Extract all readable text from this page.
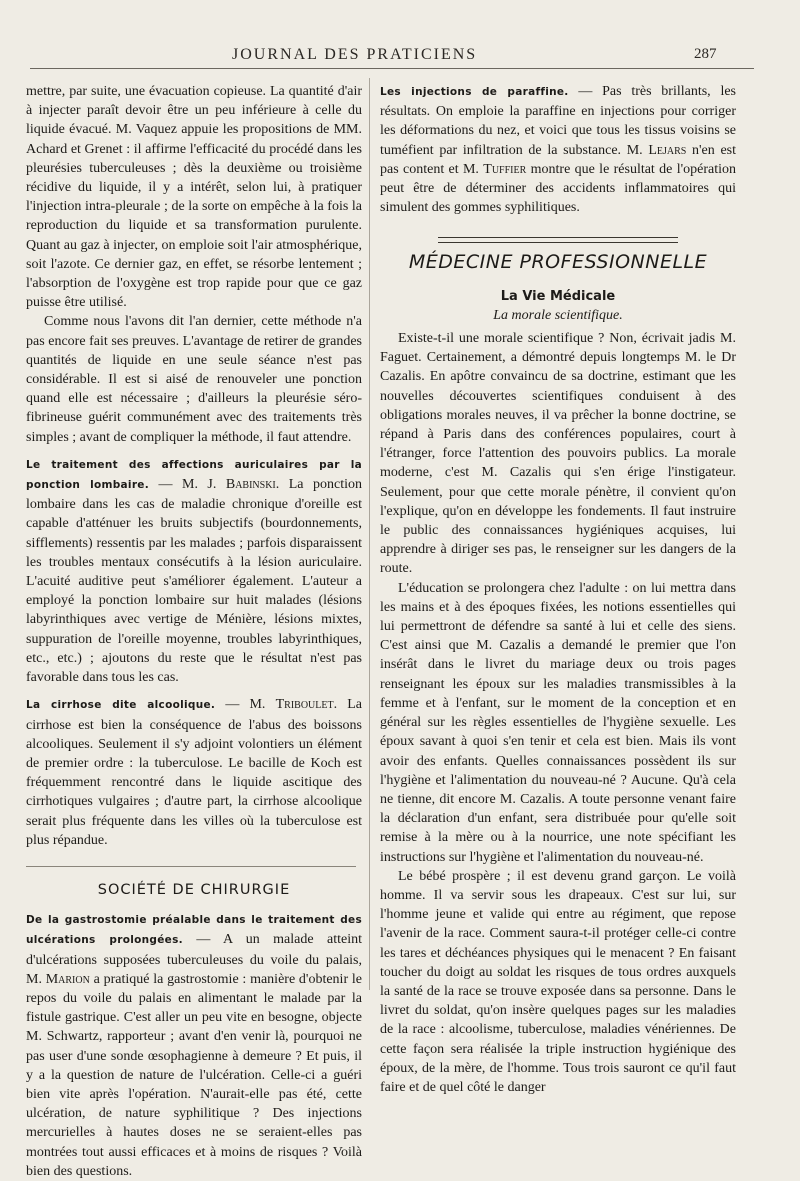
JOURNAL DES PRATICIENS	287

mettre, par suite, une évacuation copieuse. La quantité d'air à injecter paraît devoir être un peu inférieure à celle du liquide évacué. M. Vaquez appuie les propositions de MM. Achard et Grenet : il affirme l'efficacité du procédé dans les pleurésies tuberculeuses ; dès la deuxième ou troisième récidive du liquide, il y a intérêt, selon lui, à pratiquer l'injection intra-pleurale ; de la sorte on empêche à la fois la reproduction du liquide et sa transformation purulente. Quant au gaz à injecter, on emploie soit l'air atmosphérique, soit l'azote. Ce dernier gaz, en effet, se résorbe lentement ; l'absorption de l'oxygène est trop rapide pour que ce gaz puisse être utilisé.

Comme nous l'avons dit l'an dernier, cette méthode n'a pas encore fait ses preuves. L'avantage de retirer de grandes quantités de liquide en une seule séance n'est pas considérable. Il est si aisé de renouveler une ponction quand elle est nécessaire ; d'ailleurs la pleurésie séro-fibrineuse guérit communément avec des traitements très simples ; avant de compliquer la méthode, il faut attendre.

Le traitement des affections auriculaires par la ponction lombaire. — M. J. Babinski. La ponction lombaire dans les cas de maladie chronique d'oreille est capable d'atténuer les bruits subjectifs (bourdonnements, sifflements) ressentis par les malades ; parfois disparaissent les troubles mentaux consécutifs à la lésion auriculaire. L'acuité auditive peut s'améliorer également. L'auteur a employé la ponction lombaire sur huit malades (lésions labyrinthiques avec vertige de Ménière, lésions mixtes, suppuration de l'oreille moyenne, troubles labyrinthiques, etc., etc.) ; ajoutons du reste que le résultat n'est pas favorable dans tous les cas.

La cirrhose dite alcoolique. — M. Triboulet. La cirrhose est bien la conséquence de l'abus des boissons alcooliques. Seulement il s'y adjoint volontiers un élément de premier ordre : la tuberculose. Le bacille de Koch est fréquemment rencontré dans le liquide ascitique des cirrhotiques vulgaires ; d'autre part, la cirrhose alcoolique serait plus fréquente dans les villes où la tuberculose est plus répandue.

SOCIÉTÉ DE CHIRURGIE

De la gastrostomie préalable dans le traitement des ulcérations prolongées. — A un malade atteint d'ulcérations supposées tuberculeuses du voile du palais, M. Marion a pratiqué la gastrostomie : manière d'obtenir le repos du voile du palais en alimentant le malade par la fistule gastrique. C'est aller un peu vite en besogne, objecte M. Schwartz, rapporteur ; avant d'en venir là, pourquoi ne pas user d'une sonde œsophagienne à demeure ? Et puis, il y a la question de nature de l'ulcération. Celle-ci a guéri bien vite après l'opération. N'aurait-elle pas été, cette ulcération, de nature syphilitique ? Des injections mercurielles à hautes doses ne se seraient-elles pas montrées tout aussi efficaces et à moins de risques ? Voilà bien des questions.

Les injections de paraffine. — Pas très brillants, les résultats. On emploie la paraffine en injections pour corriger les déformations du nez, et voici que tous les tissus voisins se tuméfient par infiltration de la substance. M. Lejars n'en est pas content et M. Tuffier montre que le résultat de l'opération peut être de déterminer des accidents inflammatoires qui simulent des gommes syphilitiques.

MÉDECINE PROFESSIONNELLE
La Vie Médicale
La morale scientifique.

Existe-t-il une morale scientifique ? Non, écrivait jadis M. Faguet. Certainement, a démontré depuis longtemps M. le Dr Cazalis. En apôtre convaincu de sa doctrine, estimant que les nouvelles découvertes scientifiques conduisent à des obligations morales neuves, il va prêcher la bonne doctrine, se répand à Paris dans des conférences populaires, court à l'étranger, force l'attention des pouvoirs publics. La morale moderne, c'est M. Cazalis qui s'en érige l'instigateur. Seulement, pour que cette morale pénètre, il convient qu'on l'explique, qu'on en développe les fondements. Il faut instruire le public des connaissances hygiéniques acquises, lui apprendre à diriger ses pas, le renseigner sur les dangers de la route.

L'éducation se prolongera chez l'adulte : on lui mettra dans les mains et à des époques fixées, les notions essentielles qui lui permettront de défendre sa santé à lui et celle des siens. C'est ainsi que M. Cazalis a demandé le premier que l'on insérât dans le livret du mariage deux ou trois pages renseignant les époux sur les maladies transmissibles à la femme et à l'enfant, sur le moment de la conception et en général sur les règles essentielles de l'hygiène sexuelle. Les époux savant à quoi s'en tenir et cela est bien. Mais ils vont avoir des enfants. Quelles connaissances possèdent ils sur l'hygiène et l'alimentation du nouveau-né ? Aucune. Qu'à cela ne tienne, dit encore M. Cazalis. A toute personne venant faire la déclaration d'un enfant, sera distribuée pour qu'elle soit remise à la mère ou à la nourrice, une note spécifiant les instructions sur l'hygiène et l'alimentation du nouveau-né.

Le bébé prospère ; il est devenu grand garçon. Le voilà homme. Il va servir sous les drapeaux. C'est sur lui, sur l'homme jeune et valide qui entre au régiment, que repose l'avenir de la race. Comment saura-t-il protéger celle-ci contre les tares et déchéances physiques qui le menacent ? En faisant toucher du doigt au soldat les risques de tous ordres auxquels la santé de la race se trouve exposée dans sa personne. Dans le livret du soldat, qu'on insère quelques pages sur les maladies de la race : alcoolisme, tuberculose, maladies vénériennes. De cette façon sera réalisée la triple instruction hygiénique des époux, de la mère, de l'homme. Tous trois sauront ce qu'il faut faire et de quel côté le danger
